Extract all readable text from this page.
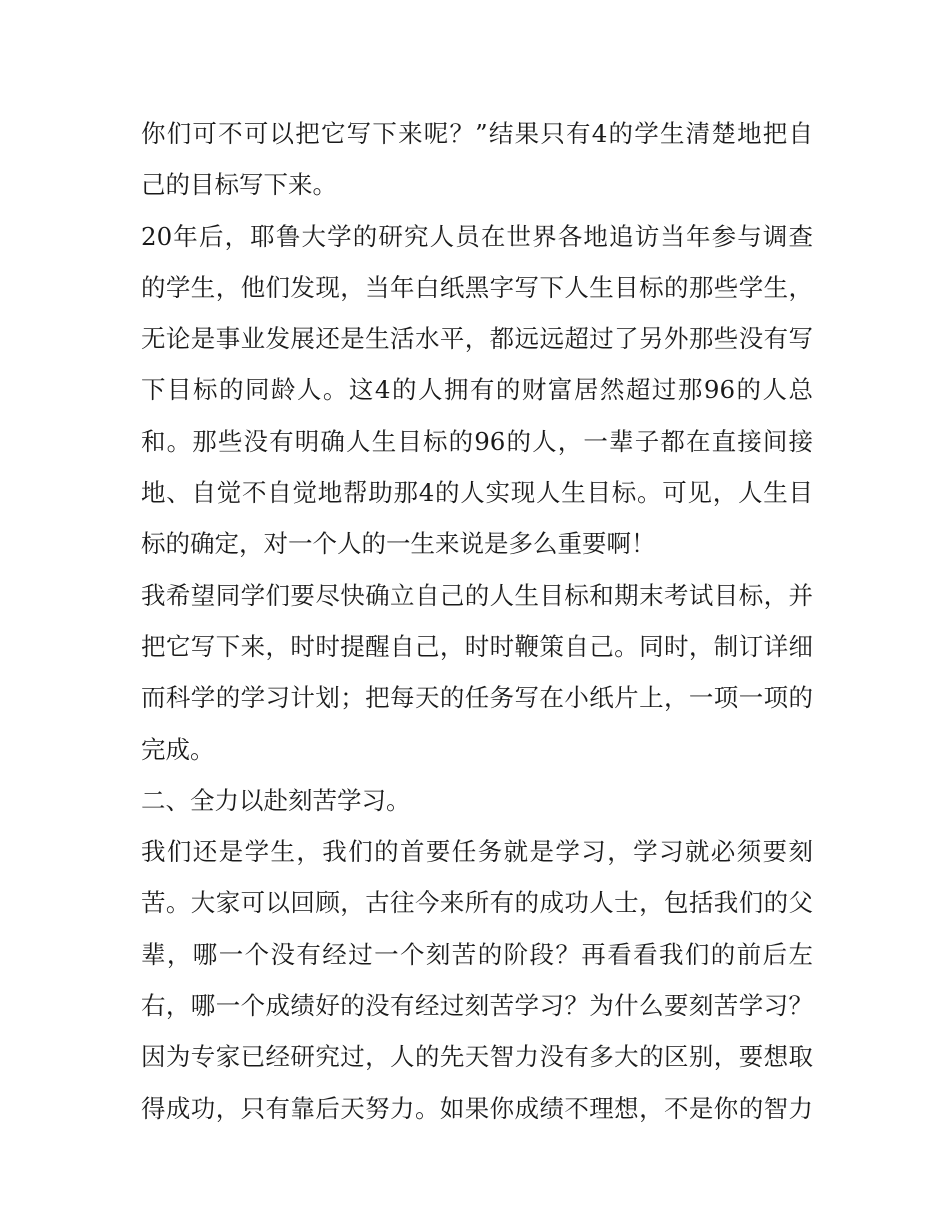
你们可不可以把它写下来呢？”结果只有4的学生清楚地把自

己的目标写下来。

20年后，耶鲁大学的研究人员在世界各地追访当年参与调查

的学生，他们发现，当年白纸黑字写下人生目标的那些学生，

无论是事业发展还是生活水平，都远远超过了另外那些没有写

下目标的同龄人。这4的人拥有的财富居然超过那96的人总

和。那些没有明确人生目标的96的人，一辈子都在直接间接

地、自觉不自觉地帮助那4的人实现人生目标。可见，人生目

标的确定，对一个人的一生来说是多么重要啊！

我希望同学们要尽快确立自己的人生目标和期末考试目标，并

把它写下来，时时提醒自己，时时鞭策自己。同时，制订详细

而科学的学习计划；把每天的任务写在小纸片上，一项一项的

完成。

二、全力以赴刻苦学习。

我们还是学生，我们的首要任务就是学习，学习就必须要刻

苦。大家可以回顾，古往今来所有的成功人士，包括我们的父

辈，哪一个没有经过一个刻苦的阶段？再看看我们的前后左

右，哪一个成绩好的没有经过刻苦学习？为什么要刻苦学习？

因为专家已经研究过，人的先天智力没有多大的区别，要想取

得成功，只有靠后天努力。如果你成绩不理想，不是你的智力
